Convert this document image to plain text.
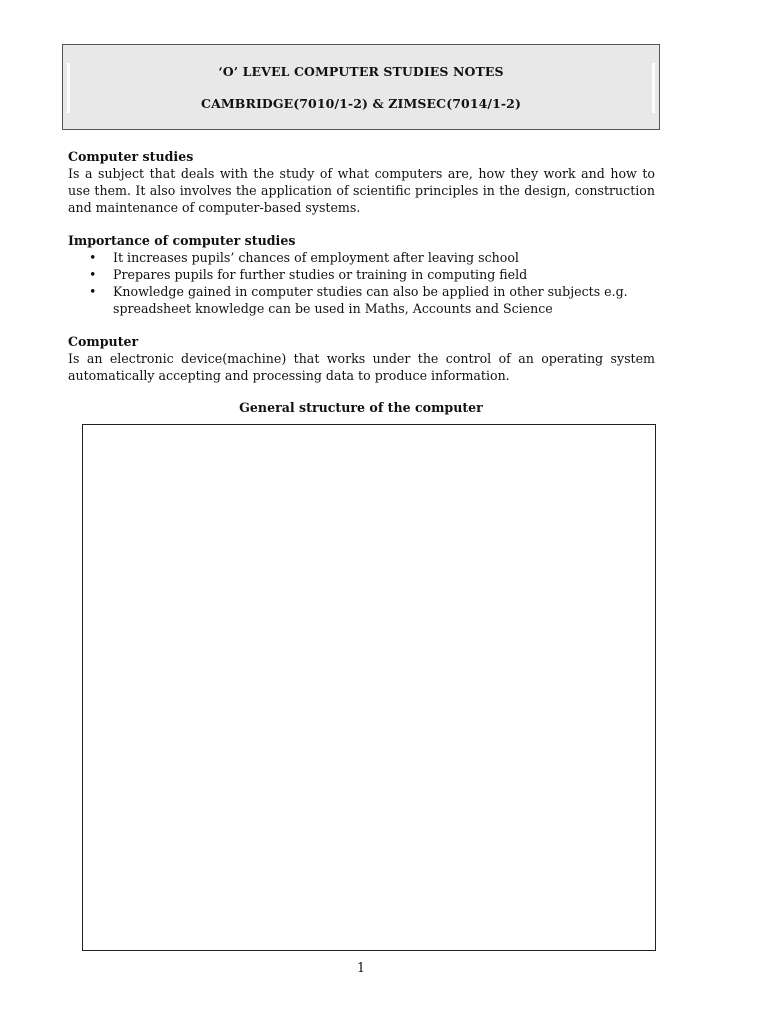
‘O’ LEVEL COMPUTER STUDIES NOTES
CAMBRIDGE(7010/1-2) & ZIMSEC(7014/1-2)

Computer studies

Is a subject that deals with the study of what computers are, how they work and how to use them. It also involves the application of scientific principles in the design, construction and maintenance of computer-based systems.

Importance of computer studies

• It increases pupils’ chances of employment after leaving school
• Prepares pupils for further studies or training in computing field
• Knowledge gained in computer studies can also be applied in other subjects e.g. spreadsheet knowledge can be used in Maths, Accounts and Science

Computer

Is an electronic device(machine) that works under the control of an operating system automatically accepting and processing data to produce information.

General structure of the computer
1
